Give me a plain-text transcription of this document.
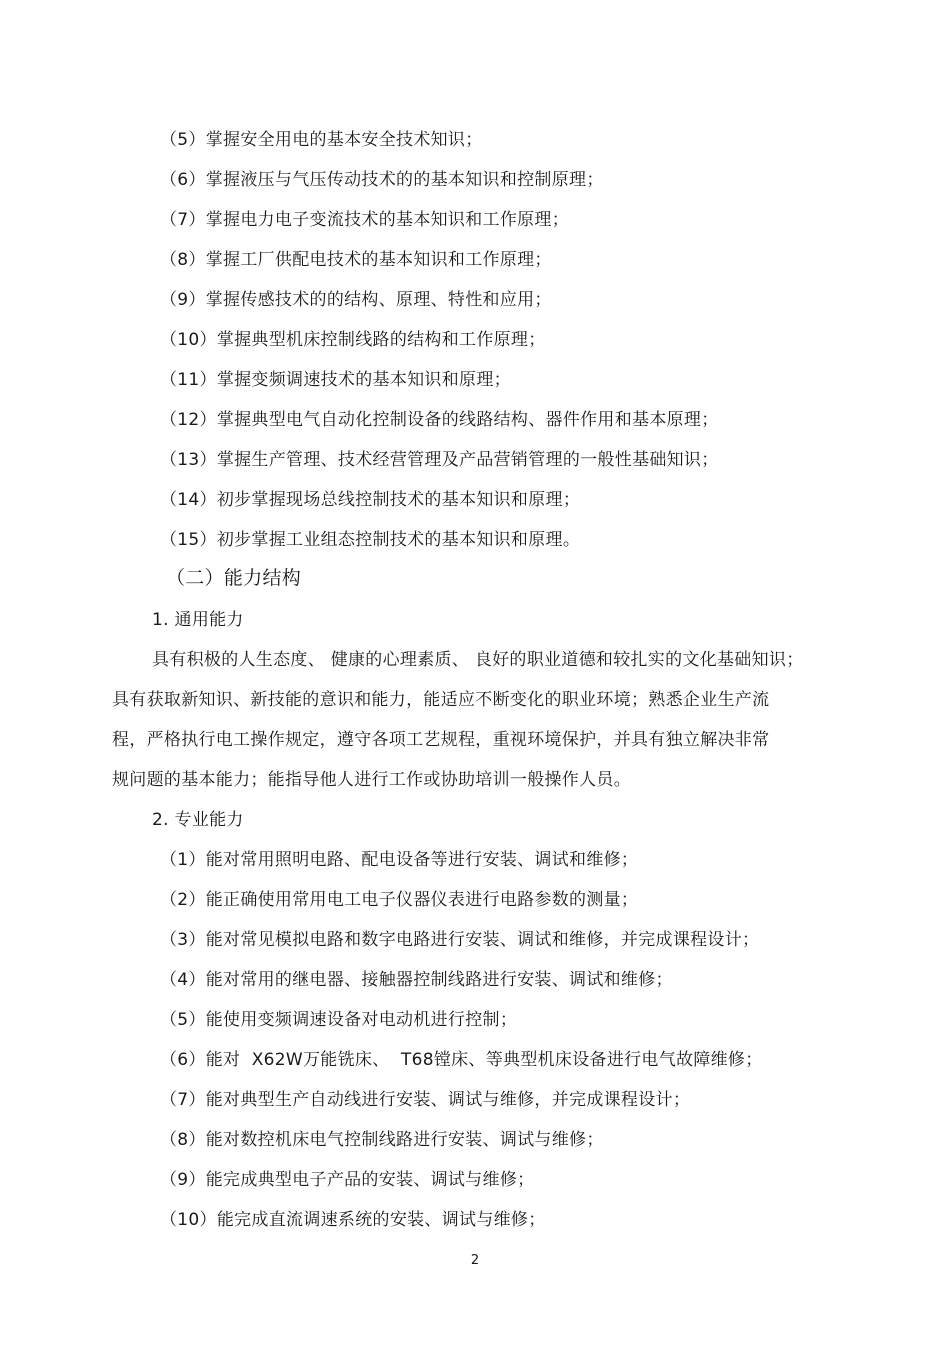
（5）掌握安全用电的基本安全技术知识；
（6）掌握液压与气压传动技术的的基本知识和控制原理；
（7）掌握电力电子变流技术的基本知识和工作原理；
（8）掌握工厂供配电技术的基本知识和工作原理；
（9）掌握传感技术的的结构、原理、特性和应用；
（10）掌握典型机床控制线路的结构和工作原理；
（11）掌握变频调速技术的基本知识和原理；
（12）掌握典型电气自动化控制设备的线路结构、器件作用和基本原理；
（13）掌握生产管理、技术经营管理及产品营销管理的一般性基础知识；
（14）初步掌握现场总线控制技术的基本知识和原理；
（15）初步掌握工业组态控制技术的基本知识和原理。
（二）能力结构
1. 通用能力
具有积极的人生态度、 健康的心理素质、 良好的职业道德和较扎实的文化基础知识；
具有获取新知识、新技能的意识和能力，能适应不断变化的职业环境；熟悉企业生产流
程，严格执行电工操作规定，遵守各项工艺规程，重视环境保护，并具有独立解决非常
规问题的基本能力；能指导他人进行工作或协助培训一般操作人员。
2. 专业能力
（1）能对常用照明电路、配电设备等进行安装、调试和维修；
（2）能正确使用常用电工电子仪器仪表进行电路参数的测量；
（3）能对常见模拟电路和数字电路进行安装、调试和维修，并完成课程设计；
（4）能对常用的继电器、接触器控制线路进行安装、调试和维修；
（5）能使用变频调速设备对电动机进行控制；
（6）能对  X62W万能铣床、  T68镗床、等典型机床设备进行电气故障维修；
（7）能对典型生产自动线进行安装、调试与维修，并完成课程设计；
（8）能对数控机床电气控制线路进行安装、调试与维修；
（9）能完成典型电子产品的安装、调试与维修；
（10）能完成直流调速系统的安装、调试与维修；
2
